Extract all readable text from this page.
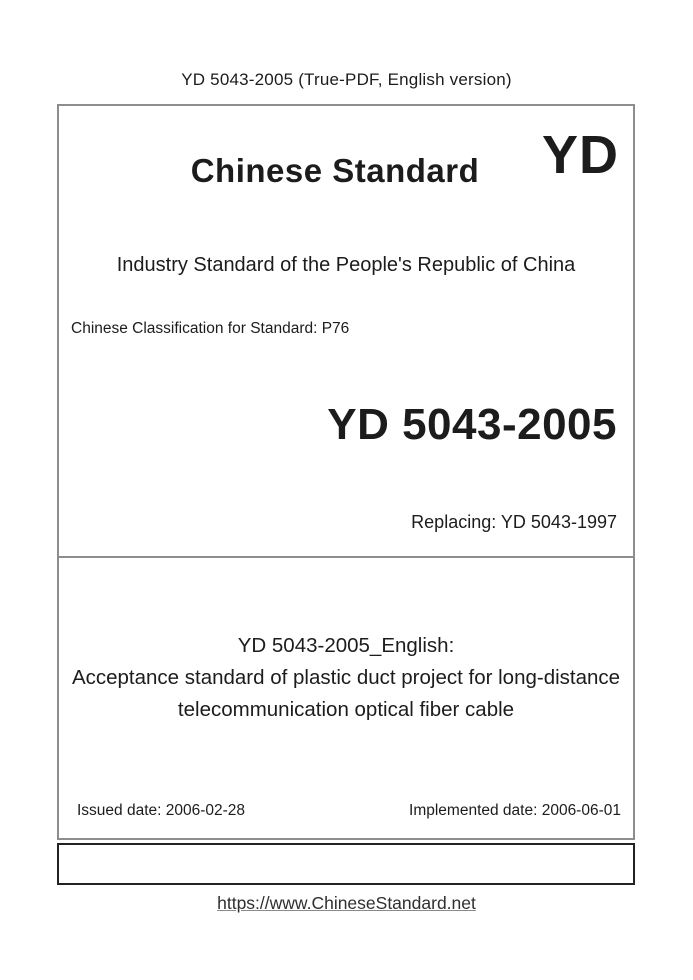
YD 5043-2005 (True-PDF, English version)
Chinese Standard	YD
Industry Standard of the People's Republic of China
Chinese Classification for Standard: P76
YD 5043-2005
Replacing: YD 5043-1997
YD 5043-2005_English:
Acceptance standard of plastic duct project for long-distance
telecommunication optical fiber cable
Issued date: 2006-02-28	Implemented date: 2006-06-01
https://www.ChineseStandard.net
